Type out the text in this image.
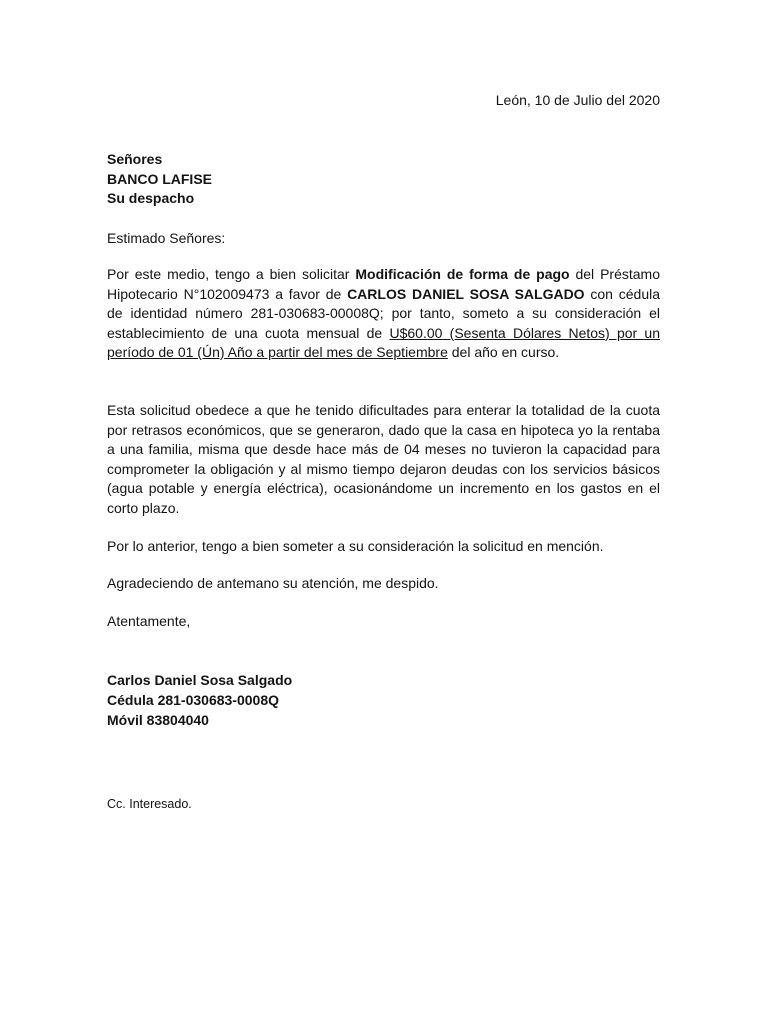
León, 10 de Julio del 2020
Señores
BANCO LAFISE
Su despacho
Estimado Señores:

Por este medio, tengo a bien solicitar Modificación de forma de pago del Préstamo Hipotecario N°102009473 a favor de CARLOS DANIEL SOSA SALGADO con cédula de identidad número 281-030683-00008Q; por tanto, someto a su consideración el establecimiento de una cuota mensual de U$60.00 (Sesenta Dólares Netos) por un período de 01 (Ún) Año a partir del mes de Septiembre del año en curso.

Esta solicitud obedece a que he tenido dificultades para enterar la totalidad de la cuota por retrasos económicos, que se generaron, dado que la casa en hipoteca yo la rentaba a una familia, misma que desde hace más de 04 meses no tuvieron la capacidad para comprometer la obligación y al mismo tiempo dejaron deudas con los servicios básicos (agua potable y energía eléctrica), ocasionándome un incremento en los gastos en el corto plazo.

Por lo anterior, tengo a bien someter a su consideración la solicitud en mención.

Agradeciendo de antemano su atención, me despido.

Atentamente,

Carlos Daniel Sosa Salgado
Cédula 281-030683-0008Q
Móvil 83804040
Cc. Interesado.
